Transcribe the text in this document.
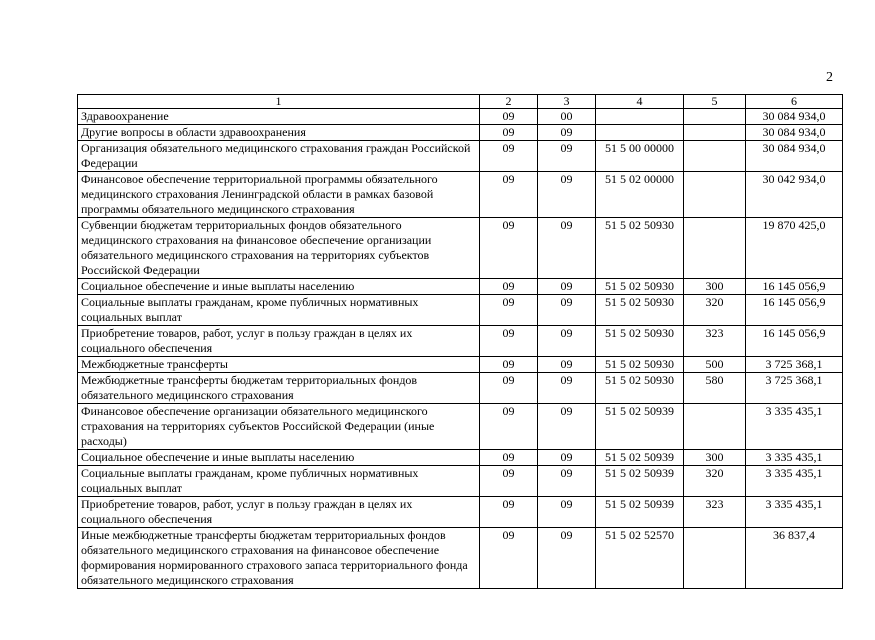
2
1	2	3	4	5	6
Здравоохранение	09	00			30 084 934,0
Другие вопросы в области здравоохранения	09	09			30 084 934,0
Организация обязательного медицинского страхования граждан Российской Федерации	09	09	51 5 00 00000		30 084 934,0
Финансовое обеспечение территориальной программы обязательного медицинского страхования Ленинградской области в рамках базовой программы обязательного медицинского страхования	09	09	51 5 02 00000		30 042 934,0
Субвенции бюджетам территориальных фондов обязательного медицинского страхования на финансовое обеспечение организации обязательного медицинского страхования на территориях субъектов Российской Федерации	09	09	51 5 02 50930		19 870 425,0
Социальное обеспечение и иные выплаты населению	09	09	51 5 02 50930	300	16 145 056,9
Социальные выплаты гражданам, кроме публичных нормативных социальных выплат	09	09	51 5 02 50930	320	16 145 056,9
Приобретение товаров, работ, услуг в пользу граждан в целях их социального обеспечения	09	09	51 5 02 50930	323	16 145 056,9
Межбюджетные трансферты	09	09	51 5 02 50930	500	3 725 368,1
Межбюджетные трансферты бюджетам территориальных фондов обязательного медицинского страхования	09	09	51 5 02 50930	580	3 725 368,1
Финансовое обеспечение организации обязательного медицинского страхования на территориях субъектов Российской Федерации (иные расходы)	09	09	51 5 02 50939		3 335 435,1
Социальное обеспечение и иные выплаты населению	09	09	51 5 02 50939	300	3 335 435,1
Социальные выплаты гражданам, кроме публичных нормативных социальных выплат	09	09	51 5 02 50939	320	3 335 435,1
Приобретение товаров, работ, услуг в пользу граждан в целях их социального обеспечения	09	09	51 5 02 50939	323	3 335 435,1
Иные межбюджетные трансферты бюджетам территориальных фондов обязательного медицинского страхования на финансовое обеспечение формирования нормированного страхового запаса территориального фонда обязательного медицинского страхования	09	09	51 5 02 52570		36 837,4
